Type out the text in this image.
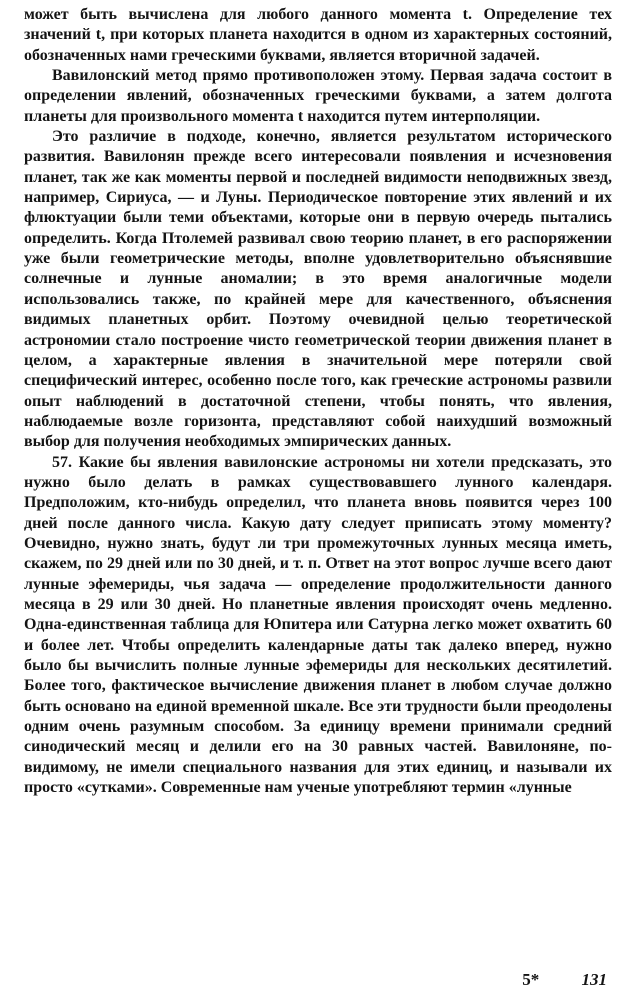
может быть вычислена для любого данного момента t. Определение тех значений t, при которых планета находится в одном из характерных состояний, обозначенных нами греческими буквами, является вторичной задачей.

Вавилонский метод прямо противоположен этому. Первая задача состоит в определении явлений, обозначенных греческими буквами, а затем долгота планеты для произвольного момента t находится путем интерполяции.

Это различие в подходе, конечно, является результатом исторического развития. Вавилонян прежде всего интересовали появления и исчезновения планет, так же как моменты первой и последней видимости неподвижных звезд, например, Сириуса, — и Луны. Периодическое повторение этих явлений и их флюктуации были теми объектами, которые они в первую очередь пытались определить. Когда Птолемей развивал свою теорию планет, в его распоряжении уже были геометрические методы, вполне удовлетворительно объяснявшие солнечные и лунные аномалии; в это время аналогичные модели использовались также, по крайней мере для качественного, объяснения видимых планетных орбит. Поэтому очевидной целью теоретической астрономии стало построение чисто геометрической теории движения планет в целом, а характерные явления в значительной мере потеряли свой специфический интерес, особенно после того, как греческие астрономы развили опыт наблюдений в достаточной степени, чтобы понять, что явления, наблюдаемые возле горизонта, представляют собой наихудший возможный выбор для получения необходимых эмпирических данных.

57. Какие бы явления вавилонские астрономы ни хотели предсказать, это нужно было делать в рамках существовавшего лунного календаря. Предположим, кто-нибудь определил, что планета вновь появится через 100 дней после данного числа. Какую дату следует приписать этому моменту? Очевидно, нужно знать, будут ли три промежуточных лунных месяца иметь, скажем, по 29 дней или по 30 дней, и т. п. Ответ на этот вопрос лучше всего дают лунные эфемериды, чья задача — определение продолжительности данного месяца в 29 или 30 дней. Но планетные явления происходят очень медленно. Одна-единственная таблица для Юпитера или Сатурна легко может охватить 60 и более лет. Чтобы определить календарные даты так далеко вперед, нужно было бы вычислить полные лунные эфемериды для нескольких десятилетий. Более того, фактическое вычисление движения планет в любом случае должно быть основано на единой временной шкале. Все эти трудности были преодолены одним очень разумным способом. За единицу времени принимали средний синодический месяц и делили его на 30 равных частей. Вавилоняне, по-видимому, не имели специального названия для этих единиц, и называли их просто «сутками». Современные нам ученые употребляют термин «лунные

5* 131
